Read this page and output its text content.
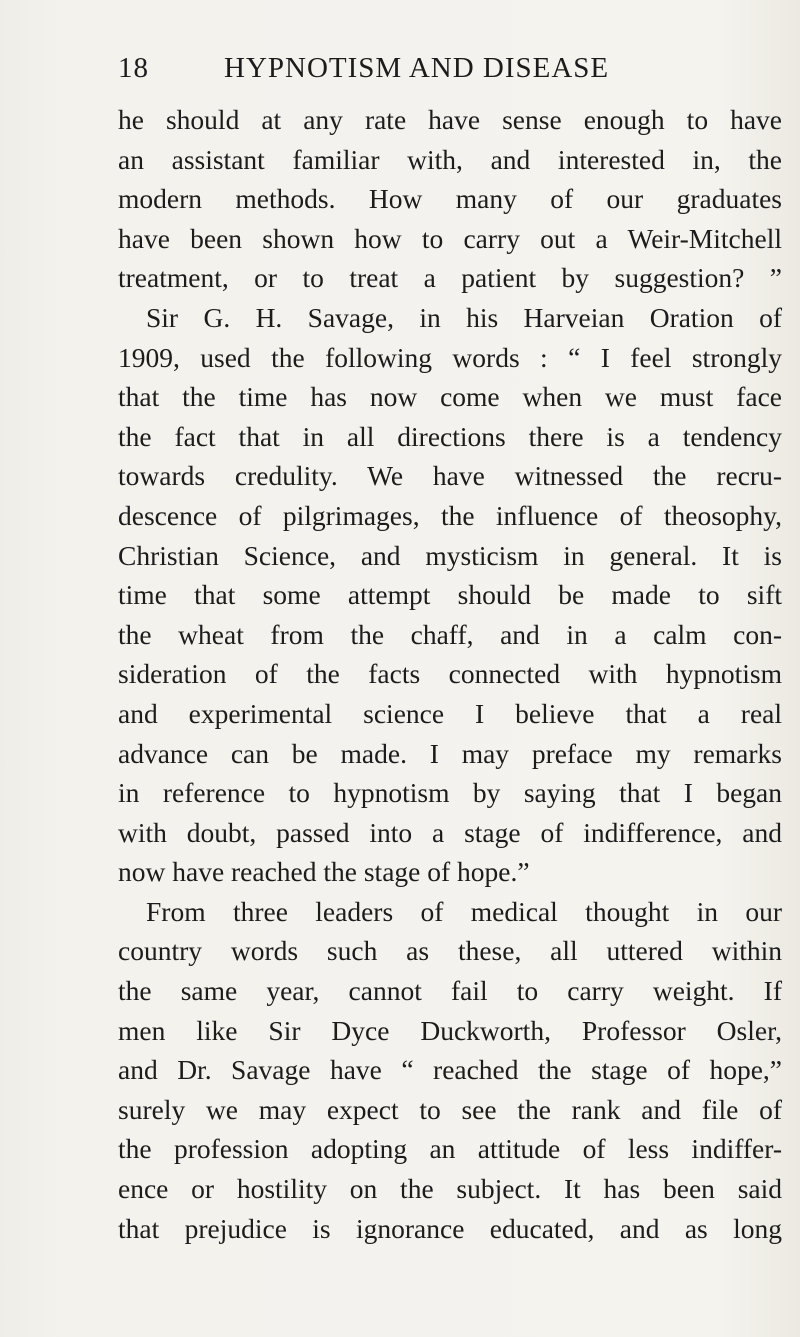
18	HYPNOTISM AND DISEASE
he should at any rate have sense enough to have
an assistant familiar with, and interested in, the
modern methods. How many of our graduates
have been shown how to carry out a Weir-Mitchell
treatment, or to treat a patient by suggestion? ”
Sir G. H. Savage, in his Harveian Oration of
1909, used the following words : “ I feel strongly
that the time has now come when we must face
the fact that in all directions there is a tendency
towards credulity. We have witnessed the recru-
descence of pilgrimages, the influence of theosophy,
Christian Science, and mysticism in general. It is
time that some attempt should be made to sift
the wheat from the chaff, and in a calm con-
sideration of the facts connected with hypnotism
and experimental science I believe that a real
advance can be made. I may preface my remarks
in reference to hypnotism by saying that I began
with doubt, passed into a stage of indifference, and
now have reached the stage of hope.”
From three leaders of medical thought in our
country words such as these, all uttered within
the same year, cannot fail to carry weight. If
men like Sir Dyce Duckworth, Professor Osler,
and Dr. Savage have “ reached the stage of hope,”
surely we may expect to see the rank and file of
the profession adopting an attitude of less indiffer-
ence or hostility on the subject. It has been said
that prejudice is ignorance educated, and as long
